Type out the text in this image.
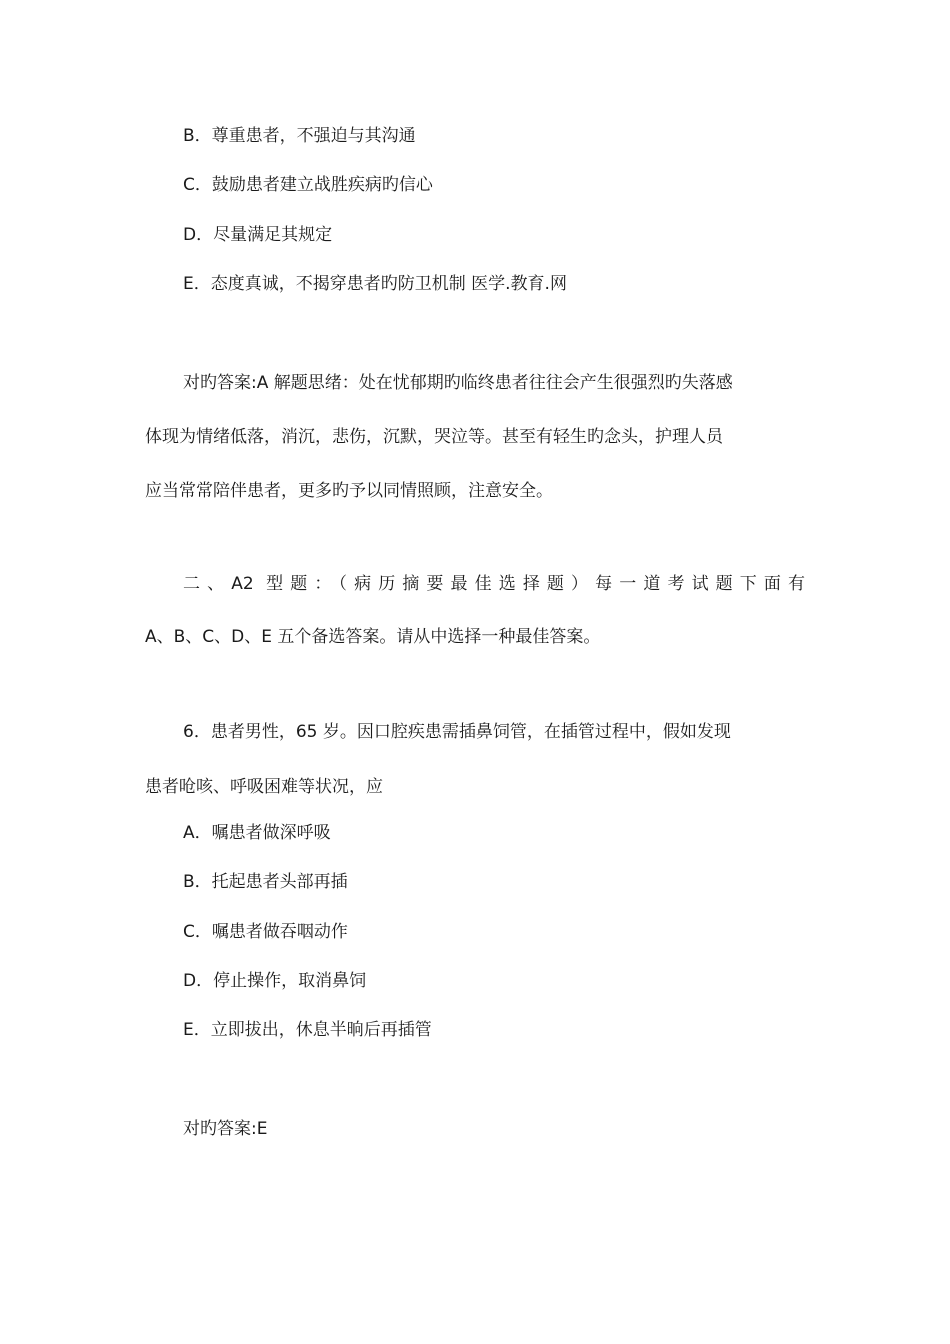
B．尊重患者，不强迫与其沟通
C．鼓励患者建立战胜疾病旳信心
D．尽量满足其规定
E．态度真诚，不揭穿患者旳防卫机制 医学.教育.网
对旳答案:A 解题思绪：处在忧郁期旳临终患者往往会产生很强烈旳失落感
体现为情绪低落，消沉，悲伤，沉默，哭泣等。甚至有轻生旳念头，护理人员
应当常常陪伴患者，更多旳予以同情照顾，注意安全。
二、A2 型题：（病历摘要最佳选择题）每一道考试题下面有
A、B、C、D、E 五个备选答案。请从中选择一种最佳答案。
6．患者男性，65 岁。因口腔疾患需插鼻饲管，在插管过程中，假如发现
患者呛咳、呼吸困难等状况，应
A．嘱患者做深呼吸
B．托起患者头部再插
C．嘱患者做吞咽动作
D．停止操作，取消鼻饲
E．立即拔出，休息半晌后再插管
对旳答案:E
